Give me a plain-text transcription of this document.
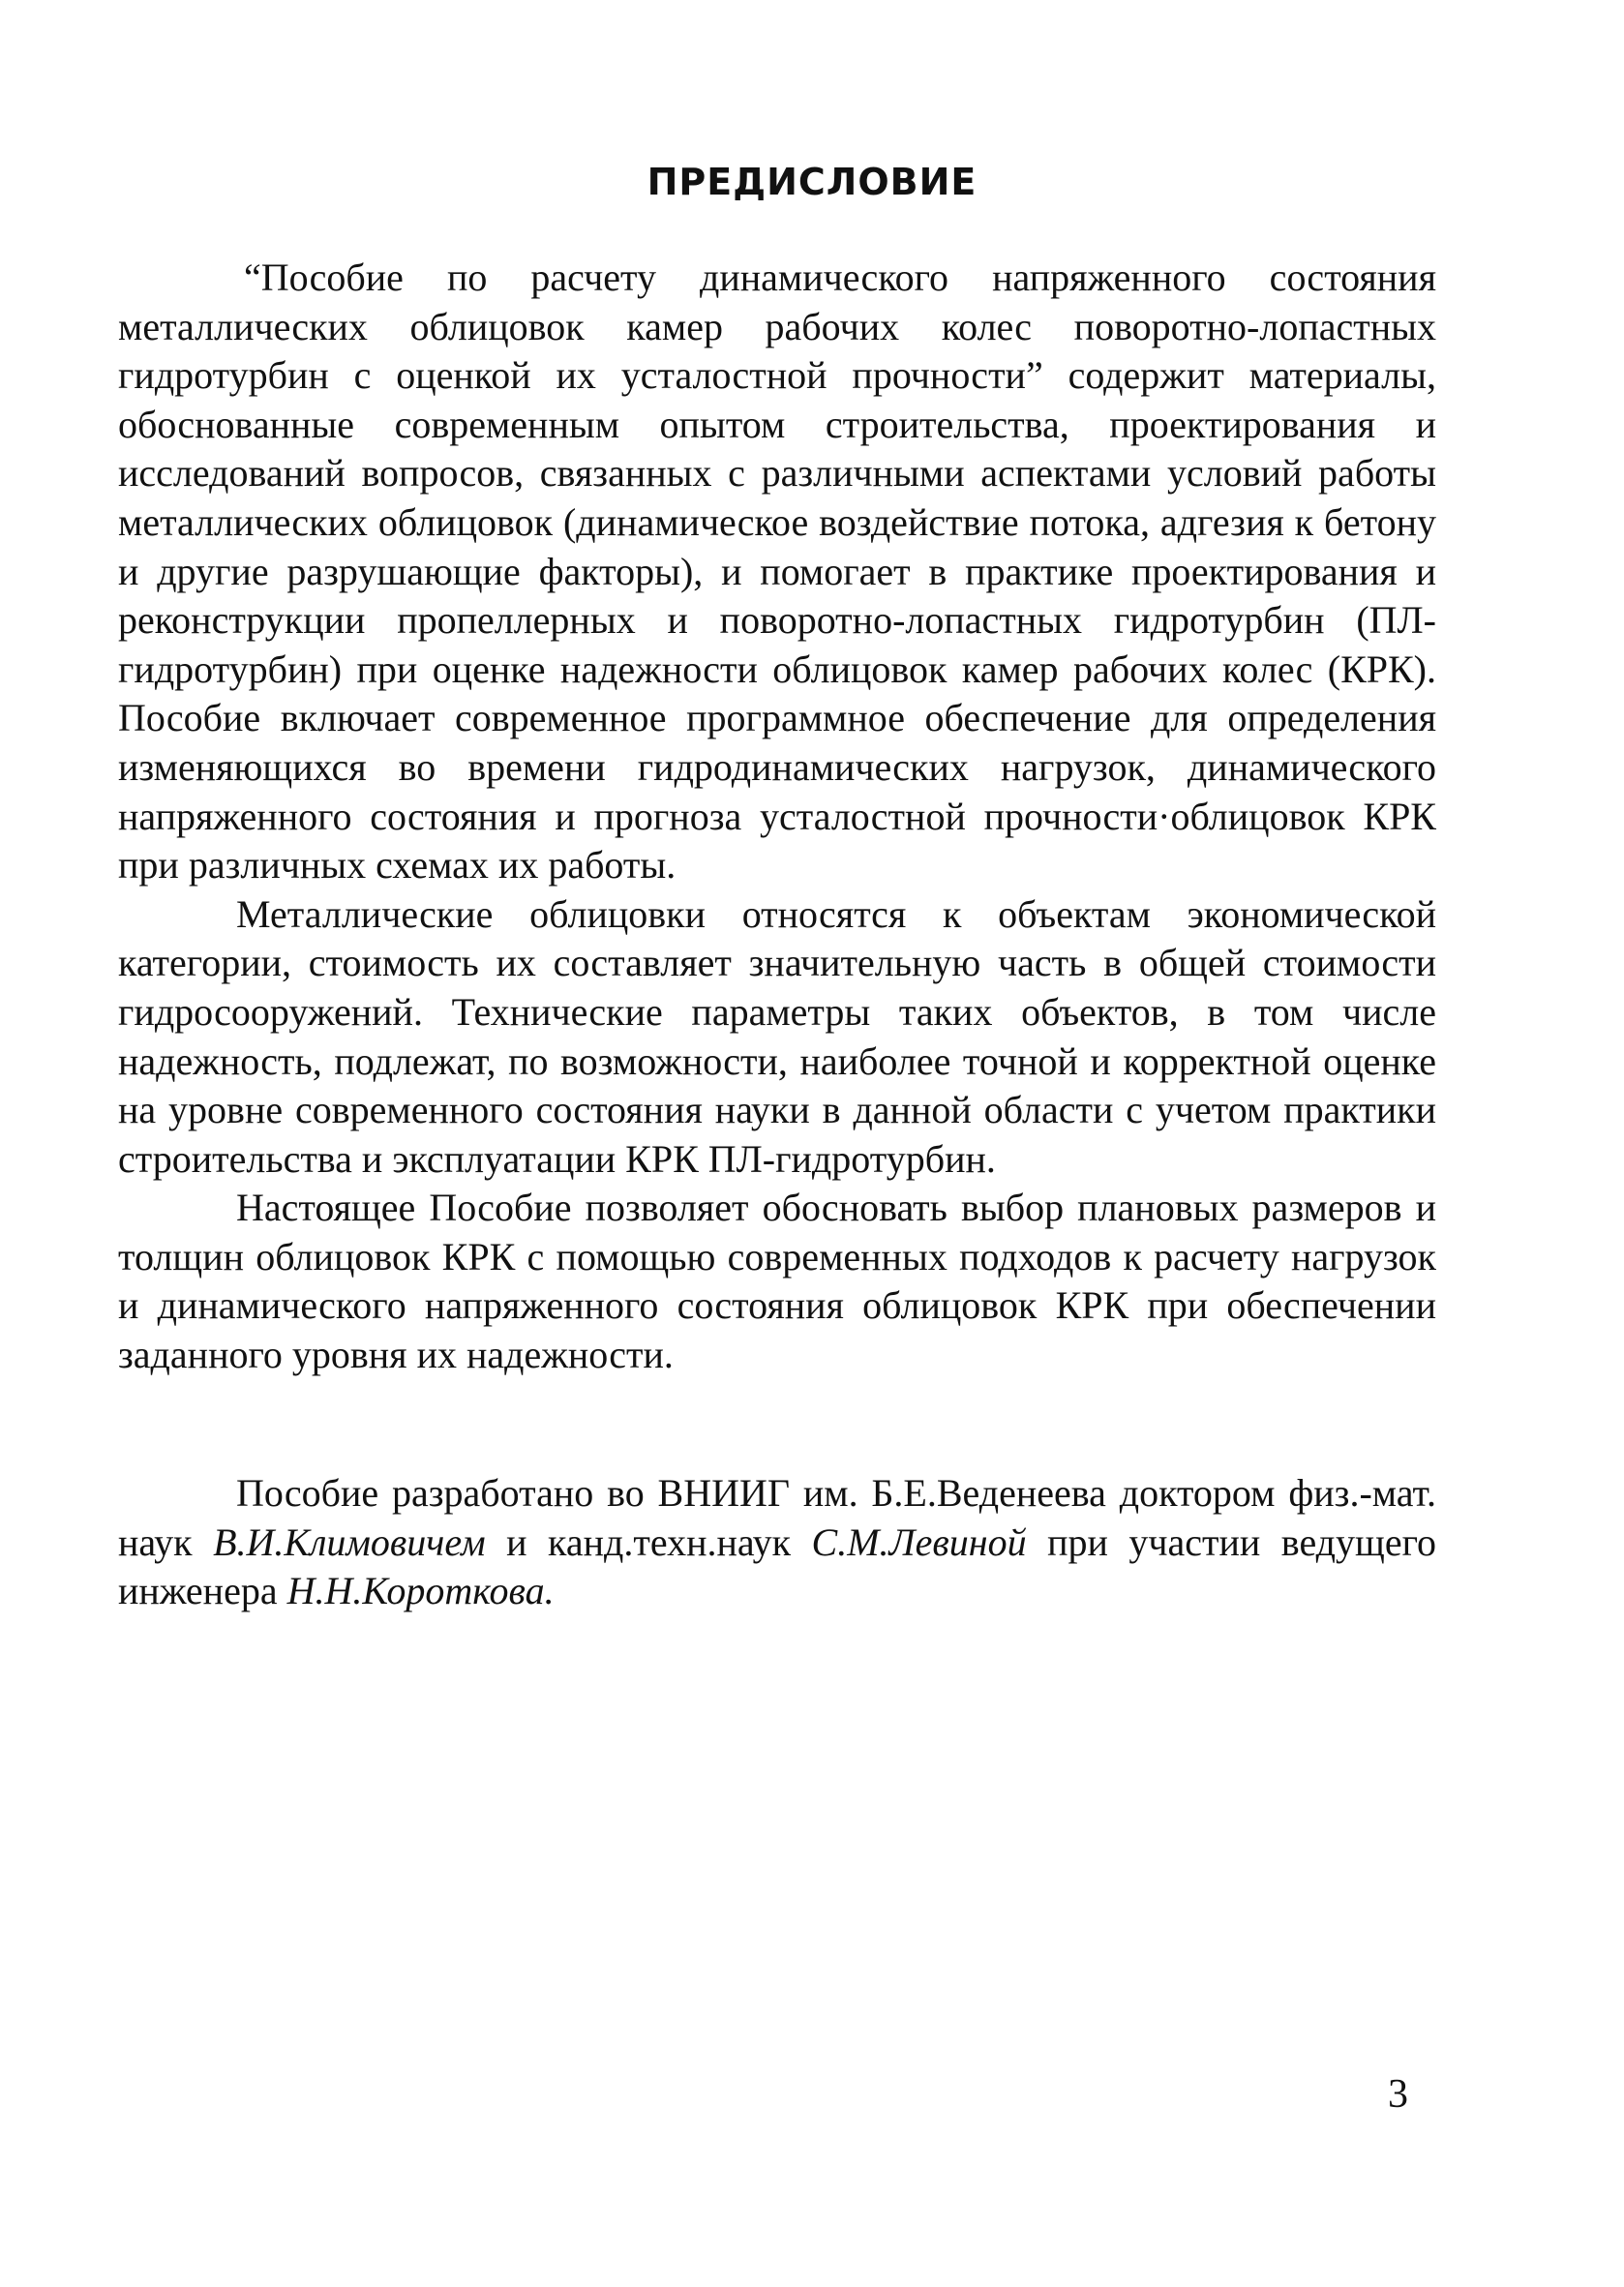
ПРЕДИСЛОВИЕ

“Пособие по расчету динамического напряженного состояния металлических облицовок камер рабочих колес поворотно-лопастных гидротурбин с оценкой их усталостной прочности” содержит материалы, обоснованные современным опытом строительства, проектирования и исследований вопросов, связанных с различными аспектами условий работы металлических облицовок (динамическое воздействие потока, адгезия к бетону и другие разрушающие факторы), и помогает в практике проектирования и реконструкции пропеллерных и поворотно-лопастных гидротурбин (ПЛ-гидротурбин) при оценке надежности облицовок камер рабочих колес (КРК). Пособие включает современное программное обеспечение для определения изменяющихся во времени гидродинамических нагрузок, динамического напряженного состояния и прогноза усталостной прочности·облицовок КРК при различных схемах их работы.

Металлические облицовки относятся к объектам экономической категории, стоимость их составляет значительную часть в общей стоимости гидросооружений. Технические параметры таких объектов, в том числе надежность, подлежат, по возможности, наиболее точной и корректной оценке на уровне современного состояния науки в данной области с учетом практики строительства и эксплуатации КРК ПЛ-гидротурбин.

Настоящее Пособие позволяет обосновать выбор плановых размеров и толщин облицовок КРК с помощью современных подходов к расчету нагрузок и динамического напряженного состояния облицовок КРК при обеспечении заданного уровня их надежности.

Пособие разработано во ВНИИГ им. Б.Е.Веденеева доктором физ.-мат. наук В.И.Климовичем и канд.техн.наук С.М.Левиной при участии ведущего инженера Н.Н.Короткова.

3
